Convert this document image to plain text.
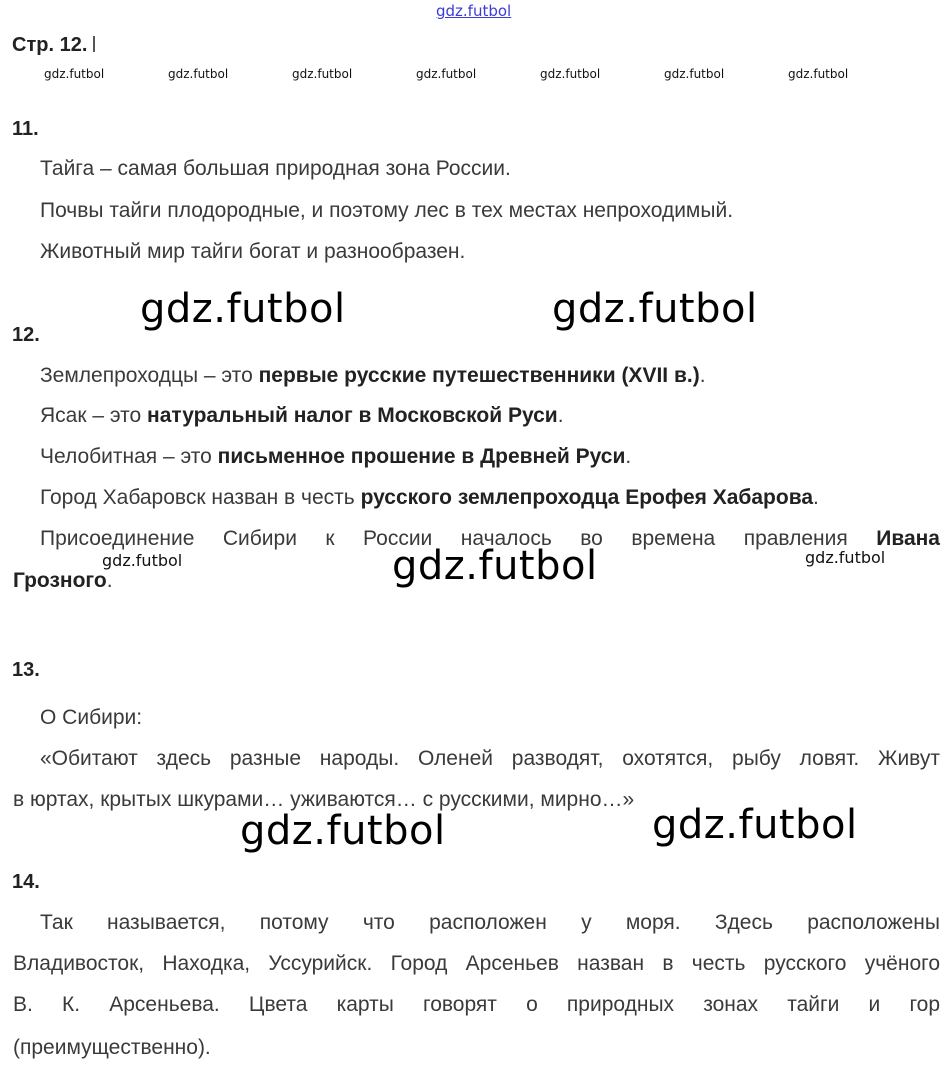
gdz.futbol
Стр. 12.
gdz.futbol	gdz.futbol	gdz.futbol	gdz.futbol	gdz.futbol	gdz.futbol	gdz.futbol
11.
Тайга – самая большая природная зона России.
Почвы тайги плодородные, и поэтому лес в тех местах непроходимый.
Животный мир тайги богат и разнообразен.
gdz.futbol	gdz.futbol
12.
Землепроходцы – это первые русские путешественники (XVII в.).
Ясак – это натуральный налог в Московской Руси.
Челобитная – это письменное прошение в Древней Руси.
Город Хабаровск назван в честь русского землепроходца Ерофея Хабарова.
Присоединение Сибири к России началось во времена правления Ивана
Грозного.
gdz.futbol	gdz.futbol
gdz.futbol
13.
О Сибири:
«Обитают здесь разные народы. Оленей разводят, охотятся, рыбу ловят. Живут
в юртах, крытых шкурами… уживаются… с русскими, мирно…»
gdz.futbol	gdz.futbol
14.
Так называется, потому что расположен у моря. Здесь расположены
Владивосток, Находка, Уссурийск. Город Арсеньев назван в честь русского учёного
В. К. Арсеньева. Цвета карты говорят о природных зонах тайги и гор
(преимущественно).
